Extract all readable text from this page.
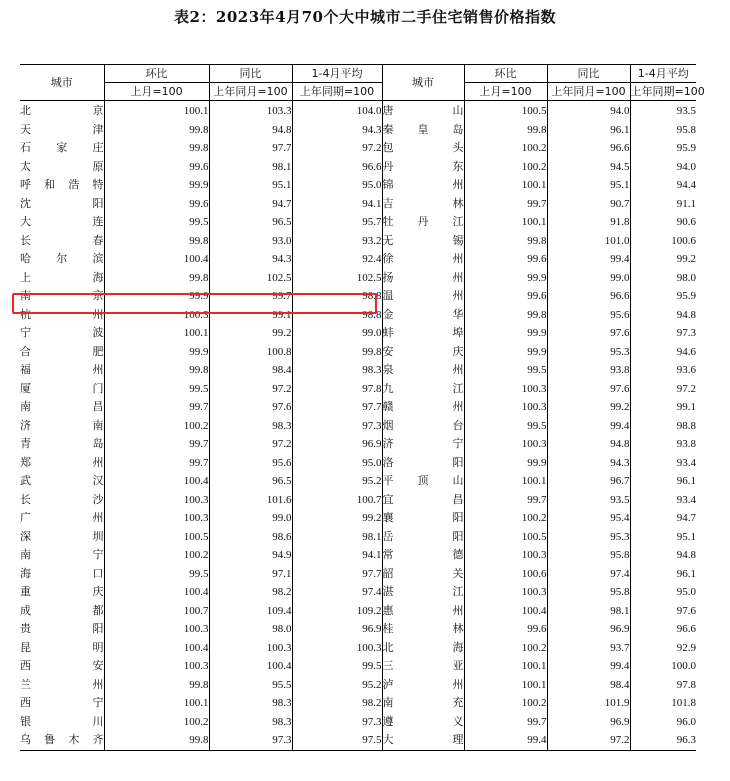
表2：2023年4月70个大中城市二手住宅销售价格指数
城市	环比	同比	1-4月平均	城市	环比	同比	1-4月平均
	上月=100	上年同月=100	上年同期=100		上月=100	上年同月=100	上年同期=100
北京	100.1	103.3	104.0	唐山	100.5	94.0	93.5
天津	99.8	94.8	94.3	秦皇岛	99.8	96.1	95.8
石家庄	99.8	97.7	97.2	包头	100.2	96.6	95.9
太原	99.6	98.1	96.6	丹东	100.2	94.5	94.0
呼和浩特	99.9	95.1	95.0	锦州	100.1	95.1	94.4
沈阳	99.6	94.7	94.1	吉林	99.7	90.7	91.1
大连	99.5	96.5	95.7	牡丹江	100.1	91.8	90.6
长春	99.8	93.0	93.2	无锡	99.8	101.0	100.6
哈尔滨	100.4	94.3	92.4	徐州	99.6	99.4	99.2
上海	99.8	102.5	102.5	扬州	99.9	99.0	98.0
南京	99.9	99.7	98.8	温州	99.6	96.6	95.9
杭州	100.3	99.1	98.8	金华	99.8	95.6	94.8
宁波	100.1	99.2	99.0	蚌埠	99.9	97.6	97.3
合肥	99.9	100.8	99.8	安庆	99.9	95.3	94.6
福州	99.8	98.4	98.3	泉州	99.5	93.8	93.6
厦门	99.5	97.2	97.8	九江	100.3	97.6	97.2
南昌	99.7	97.6	97.7	赣州	100.3	99.2	99.1
济南	100.2	98.3	97.3	烟台	99.5	99.4	98.8
青岛	99.7	97.2	96.9	济宁	100.3	94.8	93.8
郑州	99.7	95.6	95.0	洛阳	99.9	94.3	93.4
武汉	100.4	96.5	95.2	平顶山	100.1	96.7	96.1
长沙	100.3	101.6	100.7	宜昌	99.7	93.5	93.4
广州	100.3	99.0	99.2	襄阳	100.2	95.4	94.7
深圳	100.5	98.6	98.1	岳阳	100.5	95.3	95.1
南宁	100.2	94.9	94.1	常德	100.3	95.8	94.8
海口	99.5	97.1	97.7	韶关	100.6	97.4	96.1
重庆	100.4	98.2	97.4	湛江	100.3	95.8	95.0
成都	100.7	109.4	109.2	惠州	100.4	98.1	97.6
贵阳	100.3	98.0	96.9	桂林	99.6	96.9	96.6
昆明	100.4	100.3	100.3	北海	100.2	93.7	92.9
西安	100.3	100.4	99.5	三亚	100.1	99.4	100.0
兰州	99.8	95.5	95.2	泸州	100.1	98.4	97.8
西宁	100.1	98.3	98.2	南充	100.2	101.9	101.8
银川	100.2	98.3	97.3	遵义	99.7	96.9	96.0
乌鲁木齐	99.8	97.3	97.5	大理	99.4	97.2	96.3
